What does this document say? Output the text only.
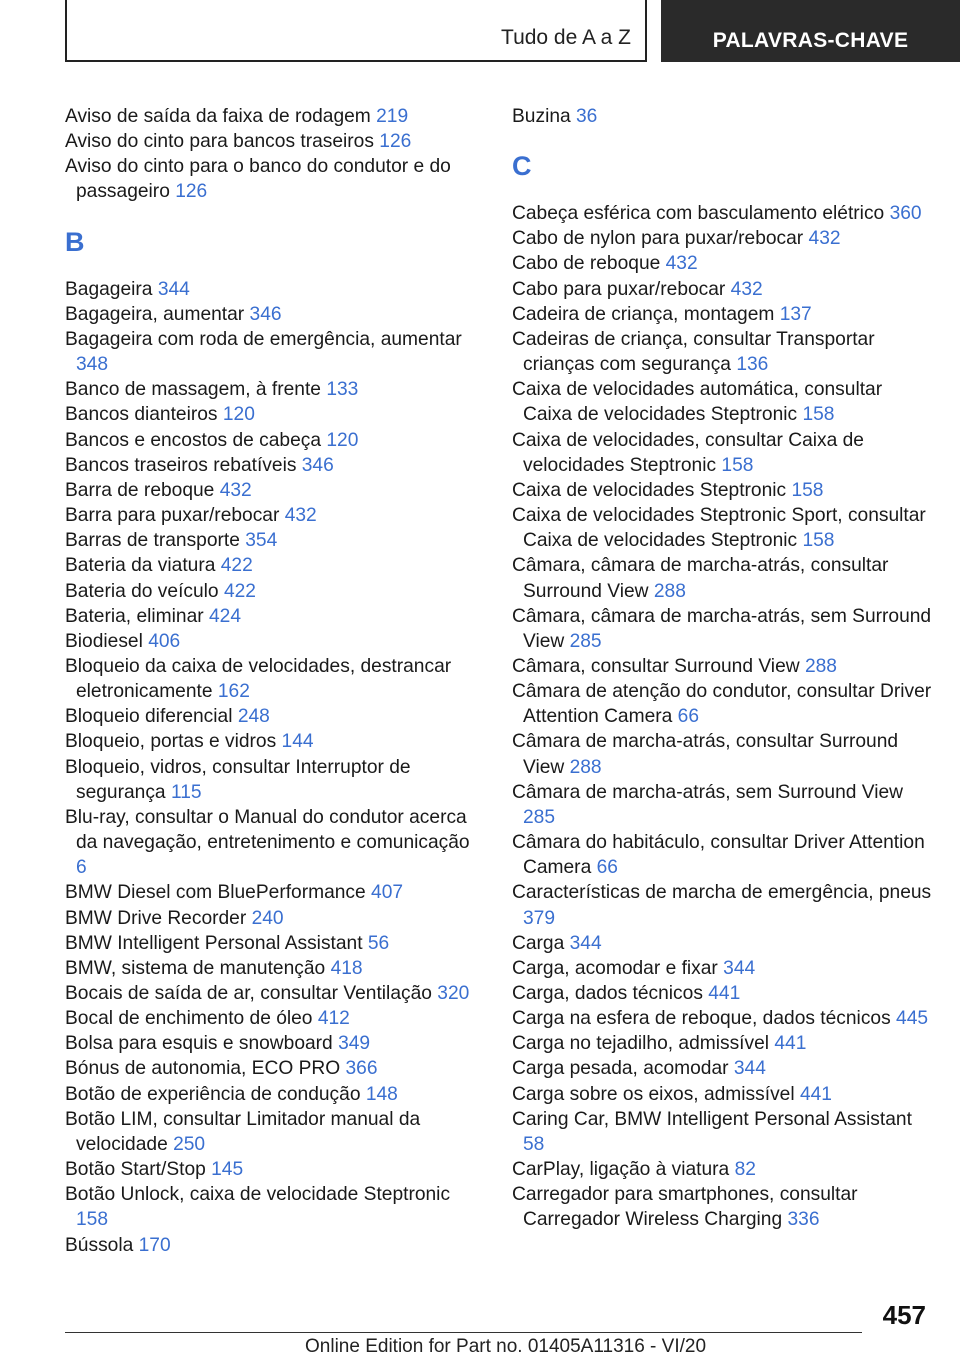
Tudo de A a Z	PALAVRAS-CHAVE

Aviso de saída da faixa de rodagem 219

Aviso do cinto para bancos traseiros 126

Aviso do cinto para o banco do condutor e do passageiro 126

B

Bagageira 344

Bagageira, aumentar 346

Bagageira com roda de emergência, aumentar 348

Banco de massagem, à frente 133

Bancos dianteiros 120

Bancos e encostos de cabeça 120

Bancos traseiros rebatíveis 346

Barra de reboque 432

Barra para puxar/rebocar 432

Barras de transporte 354

Bateria da viatura 422

Bateria do veículo 422

Bateria, eliminar 424

Biodiesel 406

Bloqueio da caixa de velocidades, destrancar eletronicamente 162

Bloqueio diferencial 248

Bloqueio, portas e vidros 144

Bloqueio, vidros, consultar Interruptor de segurança 115

Blu-ray, consultar o Manual do condutor acerca da navegação, entretenimento e comunicação 6

BMW Diesel com BluePerformance 407

BMW Drive Recorder 240

BMW Intelligent Personal Assistant 56

BMW, sistema de manutenção 418

Bocais de saída de ar, consultar Ventilação 320

Bocal de enchimento de óleo 412

Bolsa para esquis e snowboard 349

Bónus de autonomia, ECO PRO 366

Botão de experiência de condução 148

Botão LIM, consultar Limitador manual da velocidade 250

Botão Start/Stop 145

Botão Unlock, caixa de velocidade Steptronic 158

Bússola 170

Buzina 36

C

Cabeça esférica com basculamento elétrico 360

Cabo de nylon para puxar/rebocar 432

Cabo de reboque 432

Cabo para puxar/rebocar 432

Cadeira de criança, montagem 137

Cadeiras de criança, consultar Transportar crianças com segurança 136

Caixa de velocidades automática, consultar Caixa de velocidades Steptronic 158

Caixa de velocidades, consultar Caixa de velocidades Steptronic 158

Caixa de velocidades Steptronic 158

Caixa de velocidades Steptronic Sport, consultar Caixa de velocidades Steptronic 158

Câmara, câmara de marcha-atrás, consultar Surround View 288

Câmara, câmara de marcha-atrás, sem Surround View 285

Câmara, consultar Surround View 288

Câmara de atenção do condutor, consultar Driver Attention Camera 66

Câmara de marcha-atrás, consultar Surround View 288

Câmara de marcha-atrás, sem Surround View 285

Câmara do habitáculo, consultar Driver Attention Camera 66

Características de marcha de emergência, pneus 379

Carga 344

Carga, acomodar e fixar 344

Carga, dados técnicos 441

Carga na esfera de reboque, dados técnicos 445

Carga no tejadilho, admissível 441

Carga pesada, acomodar 344

Carga sobre os eixos, admissível 441

Caring Car, BMW Intelligent Personal Assistant 58

CarPlay, ligação à viatura 82

Carregador para smartphones, consultar Carregador Wireless Charging 336

457
Online Edition for Part no. 01405A11316 - VI/20
